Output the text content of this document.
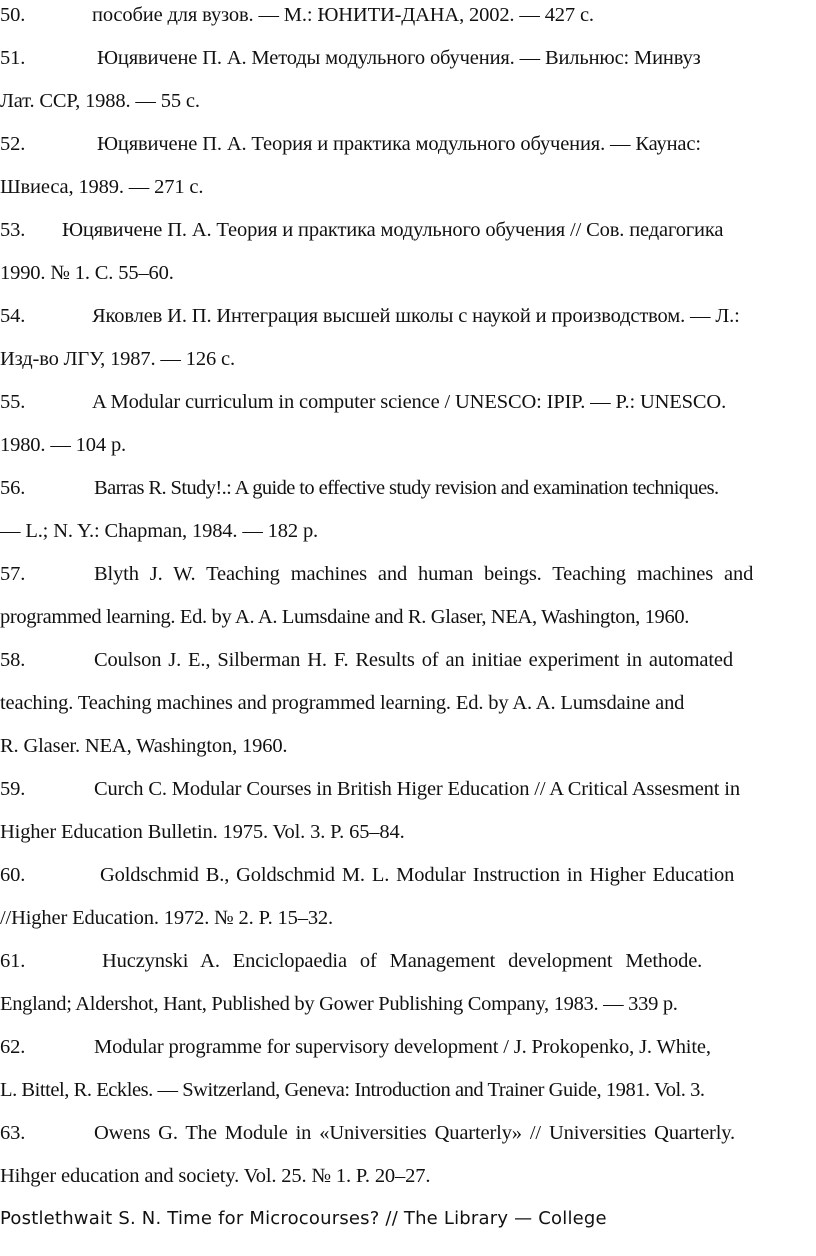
50.	пособие для вузов. — М.: ЮНИТИ-ДАНА, 2002. — 427 с.
51.	Юцявичене П. А. Методы модульного обучения. — Вильнюс: Минвуз
Лат. ССР, 1988. — 55 с.
52.	Юцявичене П. А. Теория и практика модульного обучения. — Каунас:
Швиеса, 1989. — 271 с.
53. Юцявичене П. А. Теория и практика модульного обучения // Сов. педагогика
1990. № 1. С. 55–60.
54.	Яковлев И. П. Интеграция высшей школы с наукой и производством. — Л.:
Изд-во ЛГУ, 1987. — 126 с.
55.	A Modular curriculum in computer science / UNESCO: IPIP. — P.: UNESCO.
1980. — 104 p.
56.	Barras R. Study!.: A guide to effective study revision and examination techniques.
— L.; N. Y.: Chapman, 1984. — 182 p.
57.	Blyth J. W. Teaching machines and human beings. Teaching machines and
programmed learning. Ed. by A. A. Lumsdaine and R. Glaser, NEA, Washington, 1960.
58.	Coulson J. E., Silberman H. F. Results of an initiae experiment in automated
teaching. Teaching machines and programmed learning. Ed. by A. A. Lumsdaine and
R. Glaser. NEA, Washington, 1960.
59.	Curch C. Modular Courses in British Higer Education // A Critical Assesment in
Higher Education Bulletin. 1975. Vol. 3. P. 65–84.
60.	Goldschmid B., Goldschmid M. L. Modular Instruction in Higher Education
//Higher Education. 1972. № 2. P. 15–32.
61.	Huczynski A. Enciclopaedia of Management development Methode.
England; Aldershot, Hant, Published by Gower Publishing Company, 1983. — 339 p.
62.	Modular programme for supervisory development / J. Prokopenko, J. White,
L. Bittel, R. Eckles. — Switzerland, Geneva: Introduction and Trainer Guide, 1981. Vol. 3.
63.	Owens G. The Module in «Universities Quarterly» // Universities Quarterly.
Hihger education and society. Vol. 25. № 1. P. 20–27.
Postlethwait S. N. Time for Microcourses? // The Library — College
